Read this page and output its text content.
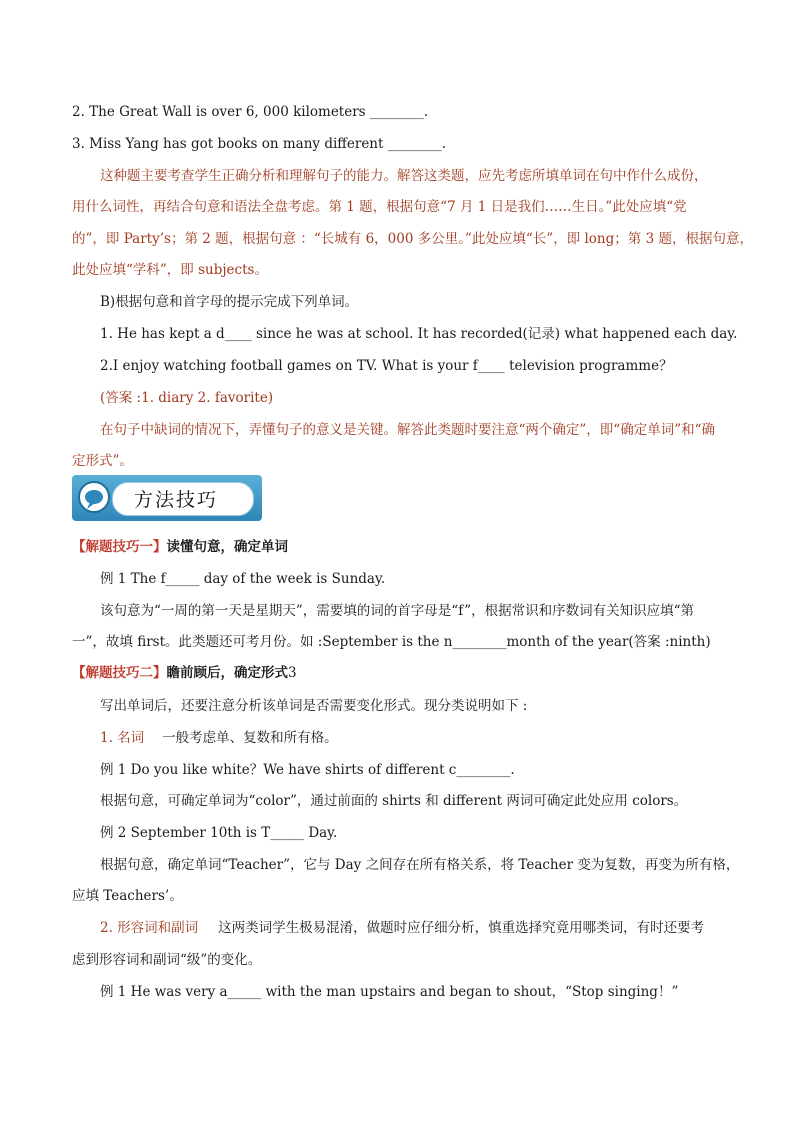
2. The Great Wall is over 6, 000 kilometers ________.
3. Miss Yang has got books on many different ________.
这种题主要考查学生正确分析和理解句子的能力。解答这类题，应先考虑所填单词在句中作什么成份，
用什么词性，再结合句意和语法全盘考虑。第 1 题，根据句意“7 月 1 日是我们……生日。”此处应填“党
的”，即 Party’s；第 2 题，根据句意 ：“长城有 6，000 多公里。”此处应填“长”，即 long；第 3 题，根据句意，
此处应填“学科”，即 subjects。
B)根据句意和首字母的提示完成下列单词。
1. He has kept a d____ since he was at school. It has recorded(记录) what happened each day.
2.I enjoy watching football games on TV. What is your f____ television programme？
(答案 :1. diary 2. favorite)
在句子中缺词的情况下，弄懂句子的意义是关键。解答此类题时要注意“两个确定”，即“确定单词”和“确
定形式”。
方法技巧
【解题技巧一】读懂句意，确定单词
例 1 The f_____ day of the week is Sunday.
该句意为“一周的第一天是星期天”，需要填的词的首字母是“f”，根据常识和序数词有关知识应填“第
一”，故填 first。此类题还可考月份。如 :September is the n________month of the year(答案 :ninth)
【解题技巧二】瞻前顾后，确定形式3
写出单词后，还要注意分析该单词是否需要变化形式。现分类说明如下 :
1. 名词 一般考虑单、复数和所有格。
例 1 Do you like white？We have shirts of different c________.
根据句意，可确定单词为“color”，通过前面的 shirts 和 different 两词可确定此处应用 colors。
例 2 September 10th is T_____ Day.
根据句意，确定单词“Teacher”，它与 Day 之间存在所有格关系，将 Teacher 变为复数，再变为所有格，
应填 Teachers’。
2. 形容词和副词 这两类词学生极易混淆，做题时应仔细分析，慎重选择究竟用哪类词，有时还要考
虑到形容词和副词“级”的变化。
例 1 He was very a_____ with the man upstairs and began to shout，“Stop singing！”
